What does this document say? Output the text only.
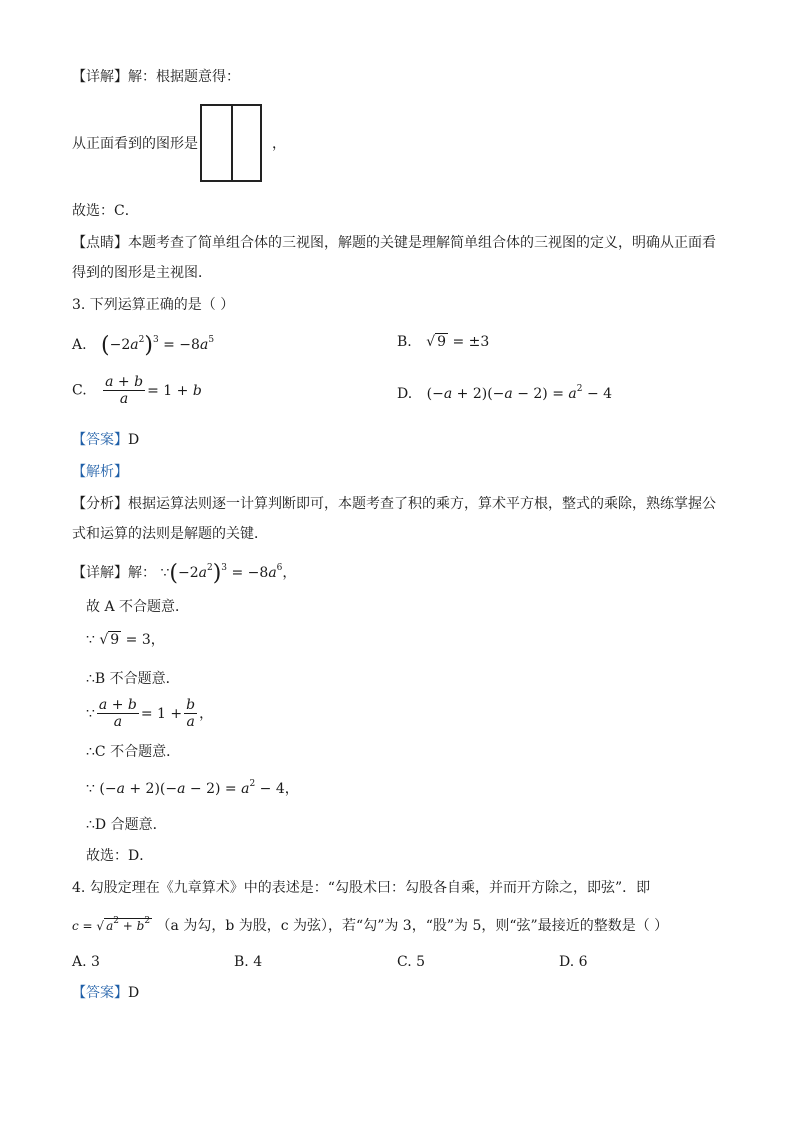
【详解】解：根据题意得：
从正面看到的图形是	，
故选：C．
【点睛】本题考查了简单组合体的三视图，解题的关键是理解简单组合体的三视图的定义，明确从正面看
得到的图形是主视图．
3. 下列运算正确的是（ ）
A. $(-2a^2)^3 = -8a^5$	B. √ 9 = ±3
C. $\frac{a + b}{a} = 1 + b$	D. $(-a + 2)(-a - 2) = a^2 - 4$
【答案】D
【解析】
【分析】根据运算法则逐一计算判断即可，本题考查了积的乘方，算术平方根，整式的乘除，熟练掌握公
式和运算的法则是解题的关键．
【详解】解： $\because(-2a^2)^3 = -8a^6$，
故 A 不合题意．
∵ √ 9 = 3，
∴B 不合题意．
∵ $\frac{a + b}{a} = 1 + \frac{b}{a}$ ，
∴C 不合题意．
∵ $(-a + 2)(-a - 2) = a^2 - 4$，
∴D 合题意．
故选：D．
4. 勾股定理在《九章算术》中的表述是：“勾股术曰：勾股各自乘，并而开方除之，即弦”．即
c = √ $a^2 + b^2$ （a 为勾，b 为股，c 为弦），若“勾”为 3，“股”为 5，则“弦”最接近的整数是（ ）
A. 3	B. 4	C. 5	D. 6
【答案】D
